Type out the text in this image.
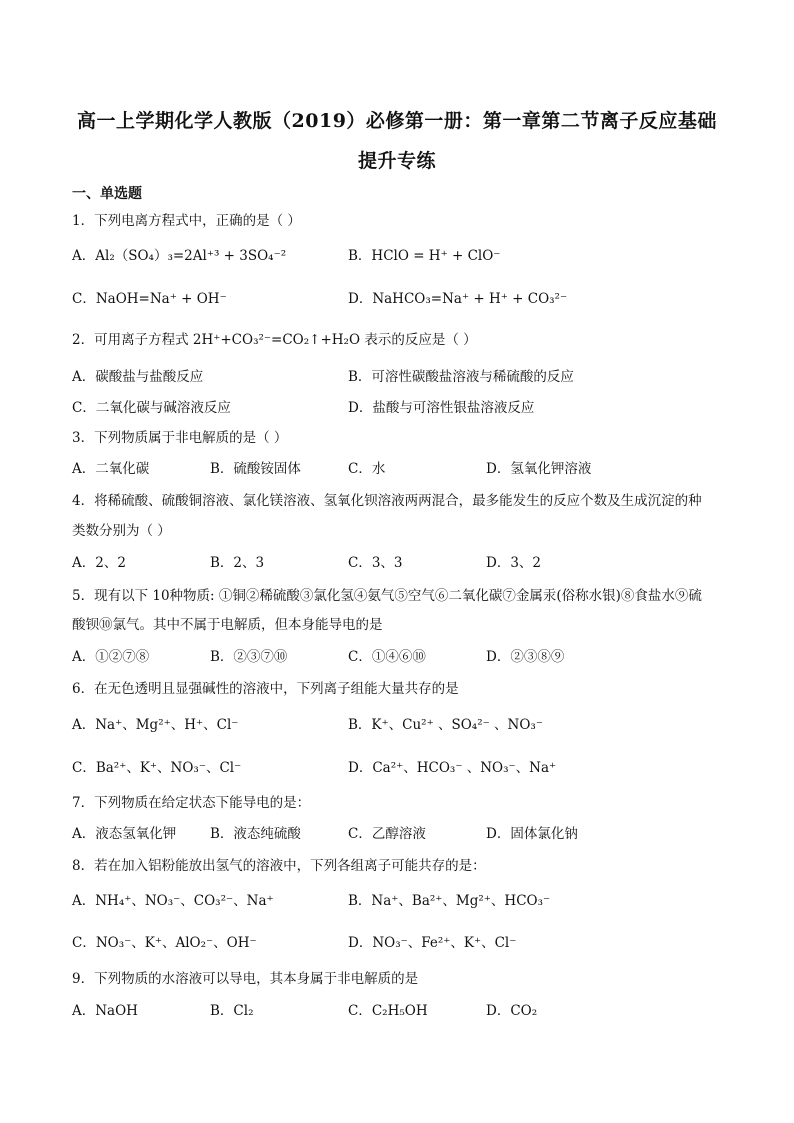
高一上学期化学人教版（2019）必修第一册：第一章第二节离子反应基础
提升专练
一、单选题
1．下列电离方程式中，正确的是（ ）
A．Al₂（SO₄）₃=2Al⁺³ + 3SO₄⁻²	B．HClO = H⁺ + ClO⁻
C．NaOH=Na⁺ + OH⁻	D．NaHCO₃=Na⁺ + H⁺ + CO₃²⁻
2．可用离子方程式 2H⁺+CO₃²⁻=CO₂↑+H₂O 表示的反应是（ ）
A．碳酸盐与盐酸反应	B．可溶性碳酸盐溶液与稀硫酸的反应
C．二氧化碳与碱溶液反应	D．盐酸与可溶性银盐溶液反应
3．下列物质属于非电解质的是（ ）
A．二氧化碳	B．硫酸铵固体	C．水	D．氢氧化钾溶液
4．将稀硫酸、硫酸铜溶液、氯化镁溶液、氢氧化钡溶液两两混合，最多能发生的反应个数及生成沉淀的种
类数分别为（ ）
A．2、2	B．2、3	C．3、3	D．3、2
5．现有以下 10种物质: ①铜②稀硫酸③氯化氢④氨气⑤空气⑥二氧化碳⑦金属汞(俗称水银)⑧食盐水⑨硫
酸钡⑩氯气。其中不属于电解质，但本身能导电的是
A．①②⑦⑧	B．②③⑦⑩	C．①④⑥⑩	D．②③⑧⑨
6．在无色透明且显强碱性的溶液中，下列离子组能大量共存的是
A．Na⁺、Mg²⁺、H⁺、Cl⁻	B．K⁺、Cu²⁺ 、SO₄²⁻ 、NO₃⁻
C．Ba²⁺、K⁺、NO₃⁻、Cl⁻	D．Ca²⁺、HCO₃⁻ 、NO₃⁻、Na⁺
7．下列物质在给定状态下能导电的是：
A．液态氢氧化钾	B．液态纯硫酸	C．乙醇溶液	D．固体氯化钠
8．若在加入铝粉能放出氢气的溶液中，下列各组离子可能共存的是：
A．NH₄⁺、NO₃⁻、CO₃²⁻、Na⁺	B．Na⁺、Ba²⁺、Mg²⁺、HCO₃⁻
C．NO₃⁻、K⁺、AlO₂⁻、OH⁻	D．NO₃⁻、Fe²⁺、K⁺、Cl⁻
9．下列物质的水溶液可以导电，其本身属于非电解质的是
A．NaOH	B．Cl₂	C．C₂H₅OH	D．CO₂
